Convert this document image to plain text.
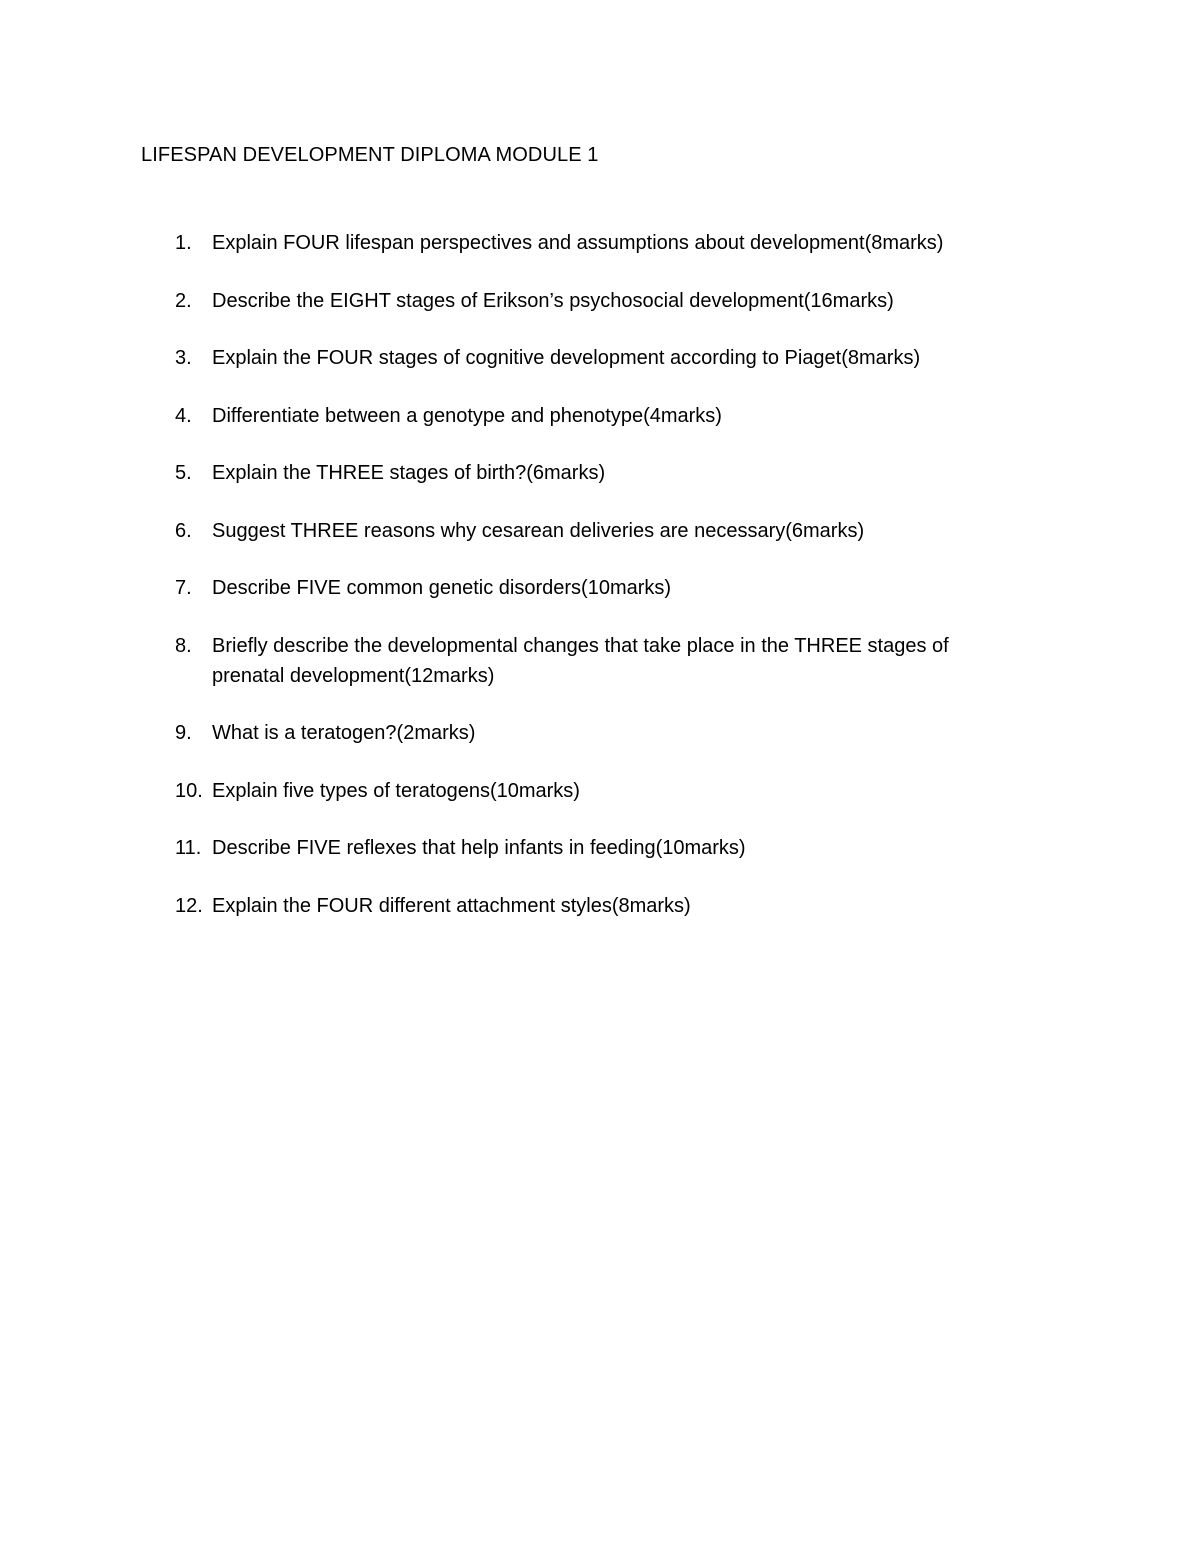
LIFESPAN DEVELOPMENT DIPLOMA MODULE 1
1. Explain FOUR lifespan perspectives and assumptions about development(8marks)
2. Describe the EIGHT stages of Erikson’s psychosocial development(16marks)
3. Explain the FOUR stages of cognitive development according to Piaget(8marks)
4. Differentiate between a genotype and phenotype(4marks)
5. Explain the THREE stages of birth?(6marks)
6. Suggest THREE reasons why cesarean deliveries are necessary(6marks)
7. Describe FIVE common genetic disorders(10marks)
8. Briefly describe the developmental changes that take place in the THREE stages of prenatal development(12marks)
9. What is a teratogen?(2marks)
10. Explain five types of teratogens(10marks)
11. Describe FIVE reflexes that help infants in feeding(10marks)
12. Explain the FOUR different attachment styles(8marks)
